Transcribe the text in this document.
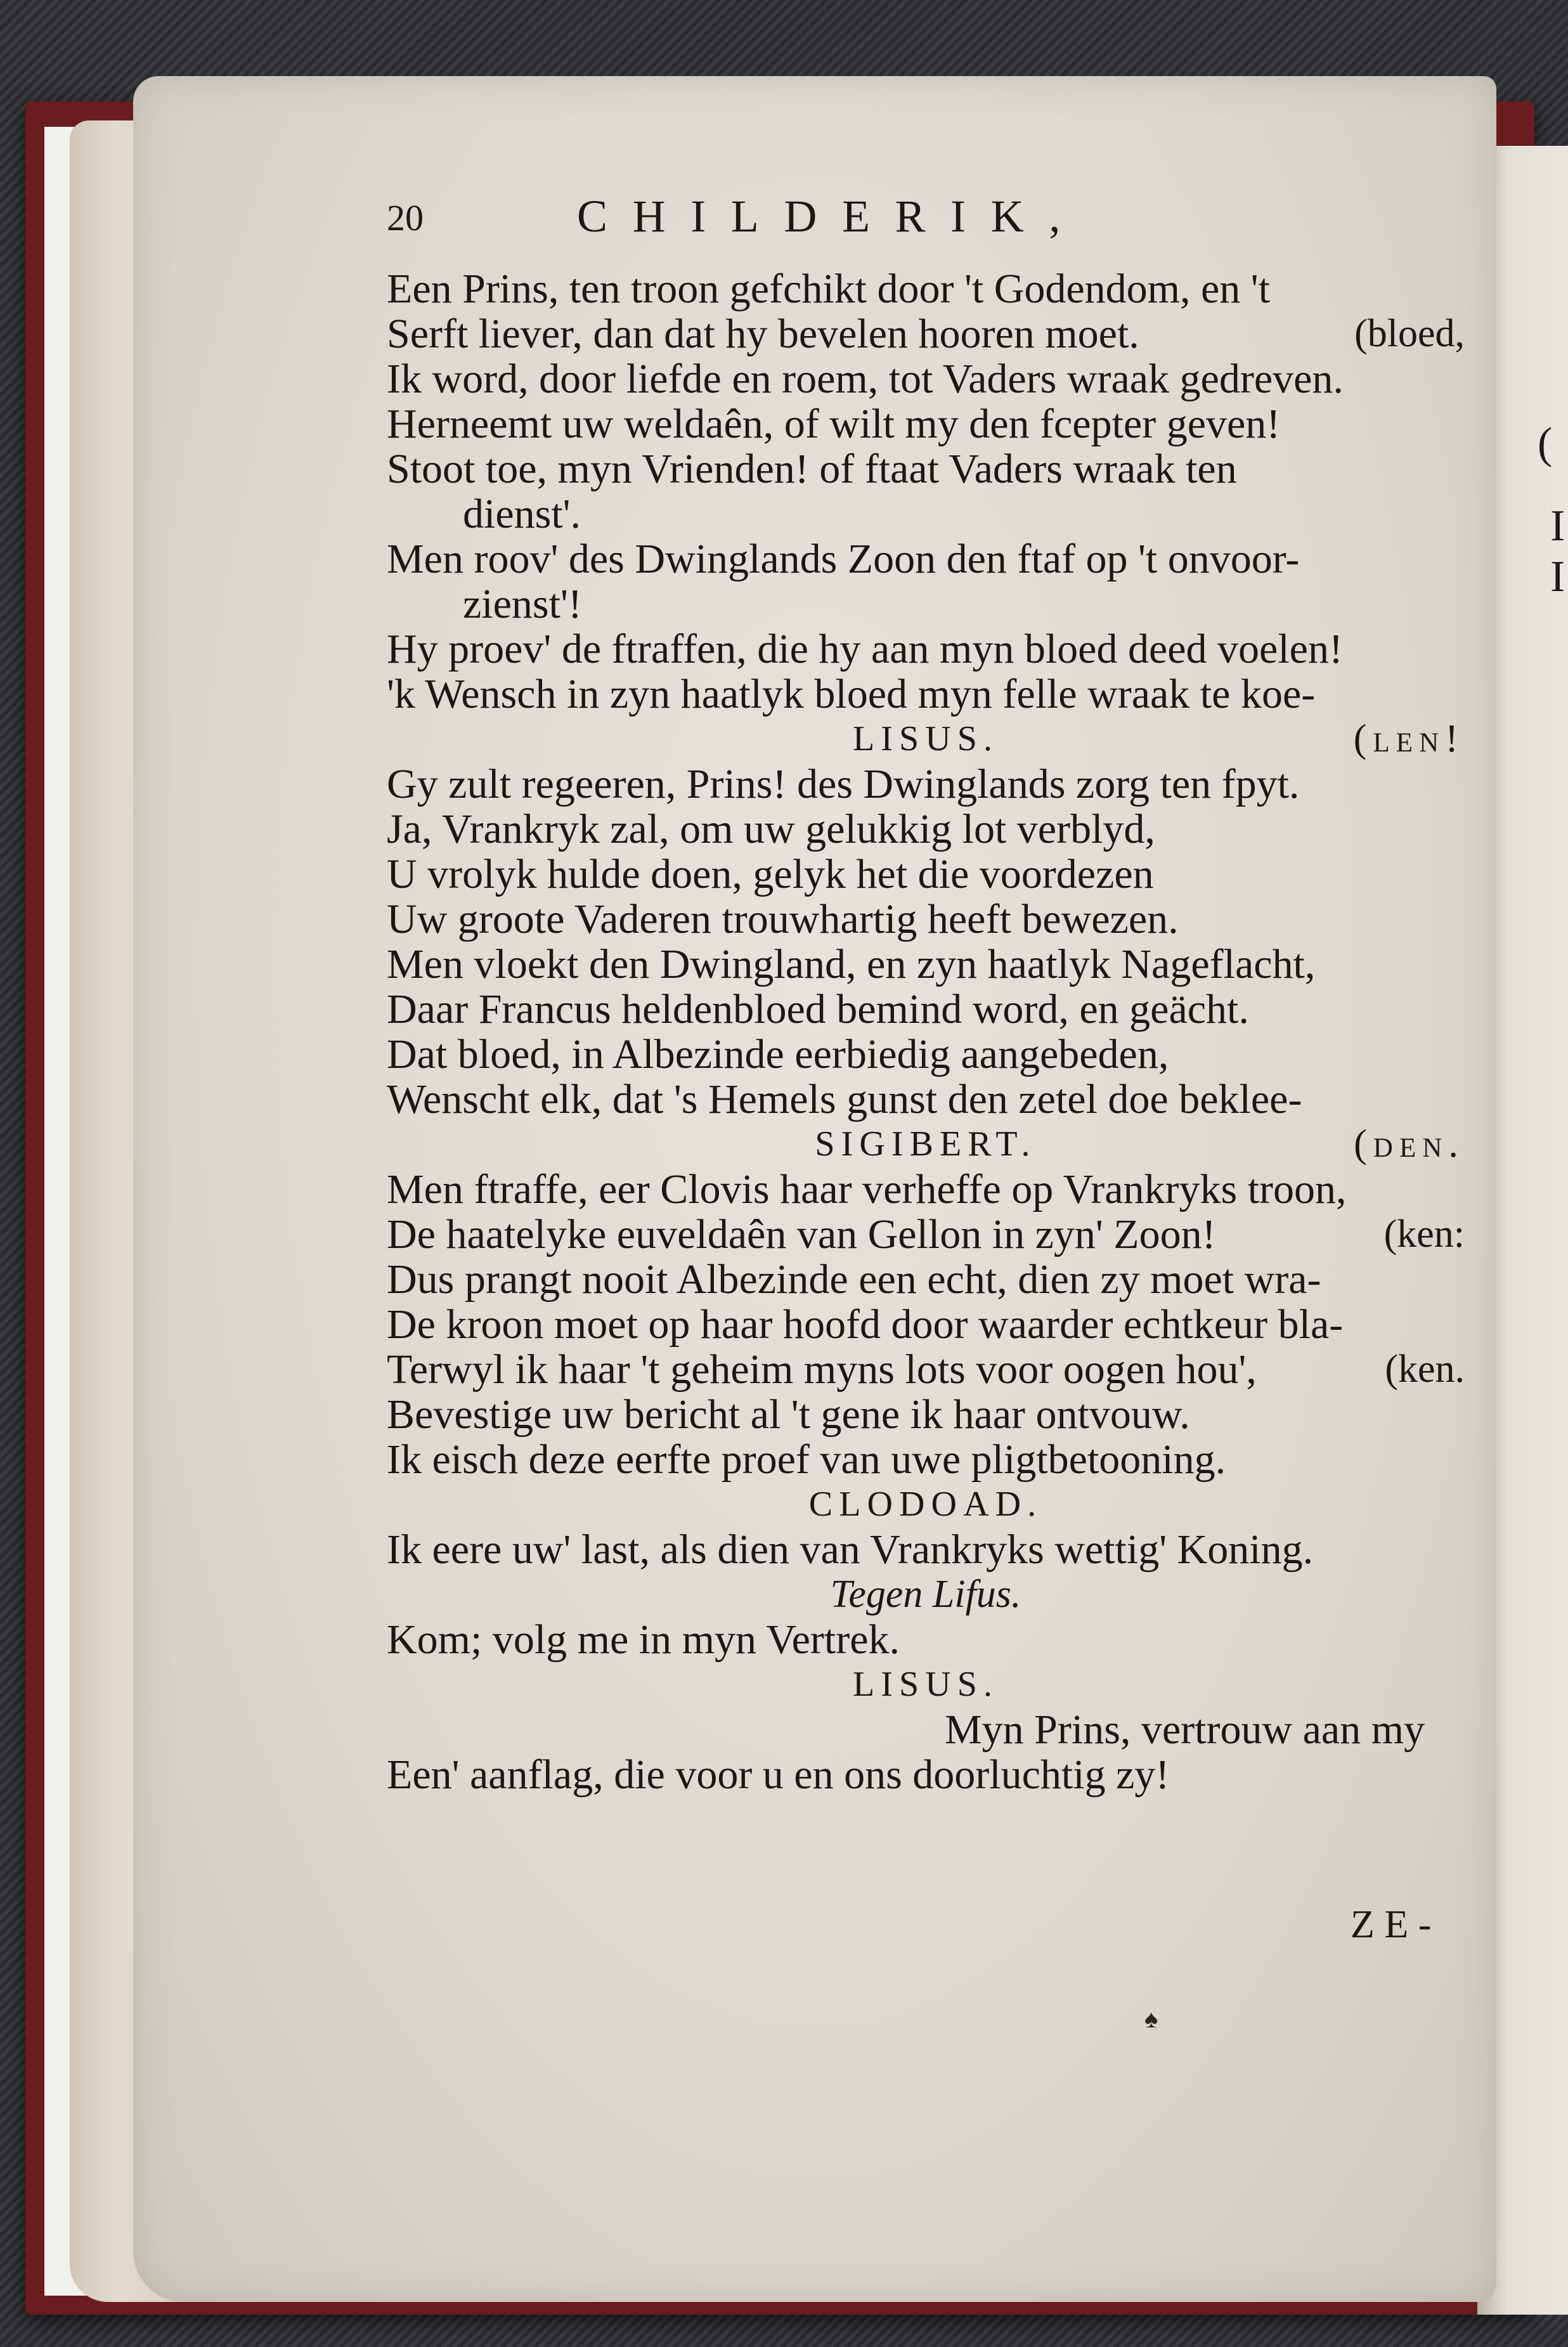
(
I
I
20	CHILDERIK,
Een Prins, ten troon gefchikt door 't Godendom, en 't
Serft liever, dan dat hy bevelen hooren moet.	(bloed,
Ik word, door liefde en roem, tot Vaders wraak gedreven.
Herneemt uw weldaên, of wilt my den fcepter geven!
Stoot toe, myn Vrienden! of ftaat Vaders wraak ten
dienst'.
Men roov' des Dwinglands Zoon den ftaf op 't onvoor-
zienst'!
Hy proev' de ftraffen, die hy aan myn bloed deed voelen!
'k Wensch in zyn haatlyk bloed myn felle wraak te koe-
LISUS.	(len!
Gy zult regeeren, Prins! des Dwinglands zorg ten fpyt.
Ja, Vrankryk zal, om uw gelukkig lot verblyd,
U vrolyk hulde doen, gelyk het die voordezen
Uw groote Vaderen trouwhartig heeft bewezen.
Men vloekt den Dwingland, en zyn haatlyk Nageflacht,
Daar Francus heldenbloed bemind word, en geächt.
Dat bloed, in Albezinde eerbiedig aangebeden,
Wenscht elk, dat 's Hemels gunst den zetel doe beklee-
SIGIBERT.	(den.
Men ftraffe, eer Clovis haar verheffe op Vrankryks troon,
De haatelyke euveldaên van Gellon in zyn' Zoon!	(ken:
Dus prangt nooit Albezinde een echt, dien zy moet wra-
De kroon moet op haar hoofd door waarder echtkeur bla-
Terwyl ik haar 't geheim myns lots voor oogen hou',	(ken.
Bevestige uw bericht al 't gene ik haar ontvouw.
Ik eisch deze eerfte proef van uwe pligtbetooning.
CLODOAD.
Ik eere uw' last, als dien van Vrankryks wettig' Koning.
Tegen Lifus.
Kom; volg me in myn Vertrek.
LISUS.
Myn Prins, vertrouw aan my
Een' aanflag, die voor u en ons doorluchtig zy!
ZE-
♠
